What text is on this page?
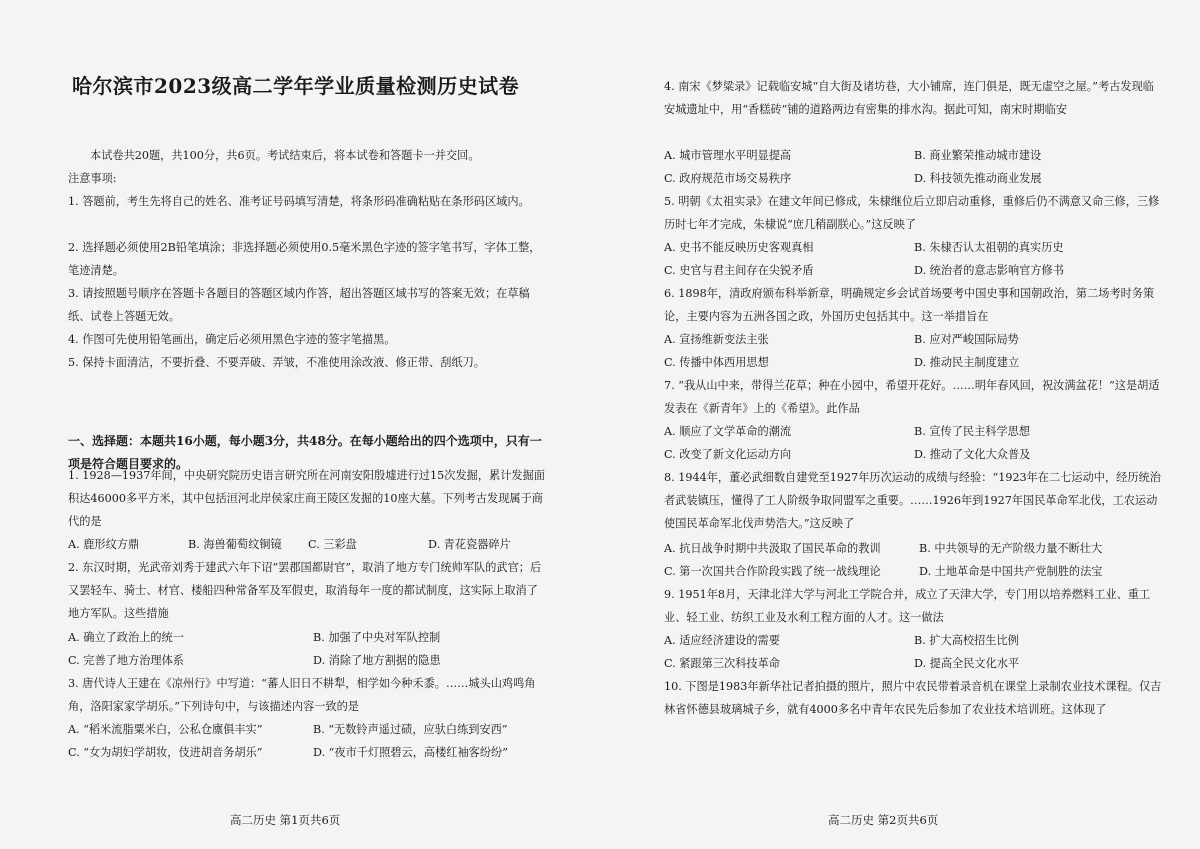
哈尔滨市2023级高二学年学业质量检测历史试卷

本试卷共20题，共100分，共6页。考试结束后，将本试卷和答题卡一并交回。

注意事项:

1. 答题前，考生先将自己的姓名、准考证号码填写清楚，将条形码准确粘贴在条形码区域内。

2. 选择题必须使用2B铅笔填涂；非选择题必须使用0.5毫米黑色字迹的签字笔书写，字体工整，笔迹清楚。

3. 请按照题号顺序在答题卡各题目的答题区域内作答，超出答题区域书写的答案无效；在草稿纸、试卷上答题无效。

4. 作图可先使用铅笔画出，确定后必须用黑色字迹的签字笔描黑。

5. 保持卡面清洁，不要折叠、不要弄破、弄皱，不准使用涂改液、修正带、刮纸刀。

一、选择题：本题共16小题，每小题3分，共48分。在每小题给出的四个选项中，只有一项是符合题目要求的。

1. 1928—1937年间，中央研究院历史语言研究所在河南安阳殷墟进行过15次发掘，累计发掘面积达46000多平方米，其中包括洹河北岸侯家庄商王陵区发掘的10座大墓。下列考古发现属于商代的是

A. 鹿形纹方鼎	B. 海兽葡萄纹铜镜	C. 三彩盘	D. 青花瓷器碎片

2. 东汉时期，光武帝刘秀于建武六年下诏“罢郡国都尉官”，取消了地方专门统帅军队的武官；后又罢轻车、骑士、材官、楼船四种常备军及军假吏，取消每年一度的都试制度，这实际上取消了地方军队。这些措施

A. 确立了政治上的统一	B. 加强了中央对军队控制
C. 完善了地方治理体系	D. 消除了地方割据的隐患

3. 唐代诗人王建在《凉州行》中写道：“蕃人旧日不耕犁，相学如今种禾黍。……城头山鸡鸣角角，洛阳家家学胡乐。”下列诗句中，与该描述内容一致的是

A. “稻米流脂粟米白，公私仓廪俱丰实”	B. “无数铃声遥过碛，应驮白练到安西”
C. “女为胡妇学胡妆，伎进胡音务胡乐”	D. “夜市千灯照碧云，高楼红袖客纷纷”
高二历史 第1页共6页

4. 南宋《梦粱录》记载临安城“自大街及诸坊巷，大小铺席，连门俱是，既无虚空之屋。”考古发现临安城遗址中，用“香糕砖”铺的道路两边有密集的排水沟。据此可知，南宋时期临安

A. 城市管理水平明显提高	B. 商业繁荣推动城市建设
C. 政府规范市场交易秩序	D. 科技领先推动商业发展

5. 明朝《太祖实录》在建文年间已修成，朱棣继位后立即启动重修，重修后仍不满意又命三修，三修历时七年才完成，朱棣说“庶几稍副朕心。”这反映了

A. 史书不能反映历史客观真相	B. 朱棣否认太祖朝的真实历史
C. 史官与君主间存在尖锐矛盾	D. 统治者的意志影响官方修书

6. 1898年，清政府颁布科举新章，明确规定乡会试首场要考中国史事和国朝政治，第二场考时务策论，主要内容为五洲各国之政，外国历史包括其中。这一举措旨在

A. 宣扬维新变法主张	B. 应对严峻国际局势
C. 传播中体西用思想	D. 推动民主制度建立

7. “我从山中来，带得兰花草；种在小园中，希望开花好。……明年春风回，祝汝满盆花！”这是胡适发表在《新青年》上的《希望》。此作品

A. 顺应了文学革命的潮流	B. 宣传了民主科学思想
C. 改变了新文化运动方向	D. 推动了文化大众普及

8. 1944年，董必武细数自建党至1927年历次运动的成绩与经验：“1923年在二七运动中，经历统治者武装镇压，懂得了工人阶级争取同盟军之重要。……1926年到1927年国民革命军北伐，工农运动使国民革命军北伐声势浩大。”这反映了

A. 抗日战争时期中共汲取了国民革命的教训	B. 中共领导的无产阶级力量不断壮大
C. 第一次国共合作阶段实践了统一战线理论	D. 土地革命是中国共产党制胜的法宝

9. 1951年8月，天津北洋大学与河北工学院合并，成立了天津大学，专门用以培养燃料工业、重工业、轻工业、纺织工业及水利工程方面的人才。这一做法

A. 适应经济建设的需要	B. 扩大高校招生比例
C. 紧跟第三次科技革命	D. 提高全民文化水平

10. 下图是1983年新华社记者拍摄的照片，照片中农民带着录音机在课堂上录制农业技术课程。仅吉林省怀德县玻璃城子乡，就有4000多名中青年农民先后参加了农业技术培训班。这体现了

高二历史 第2页共6页
